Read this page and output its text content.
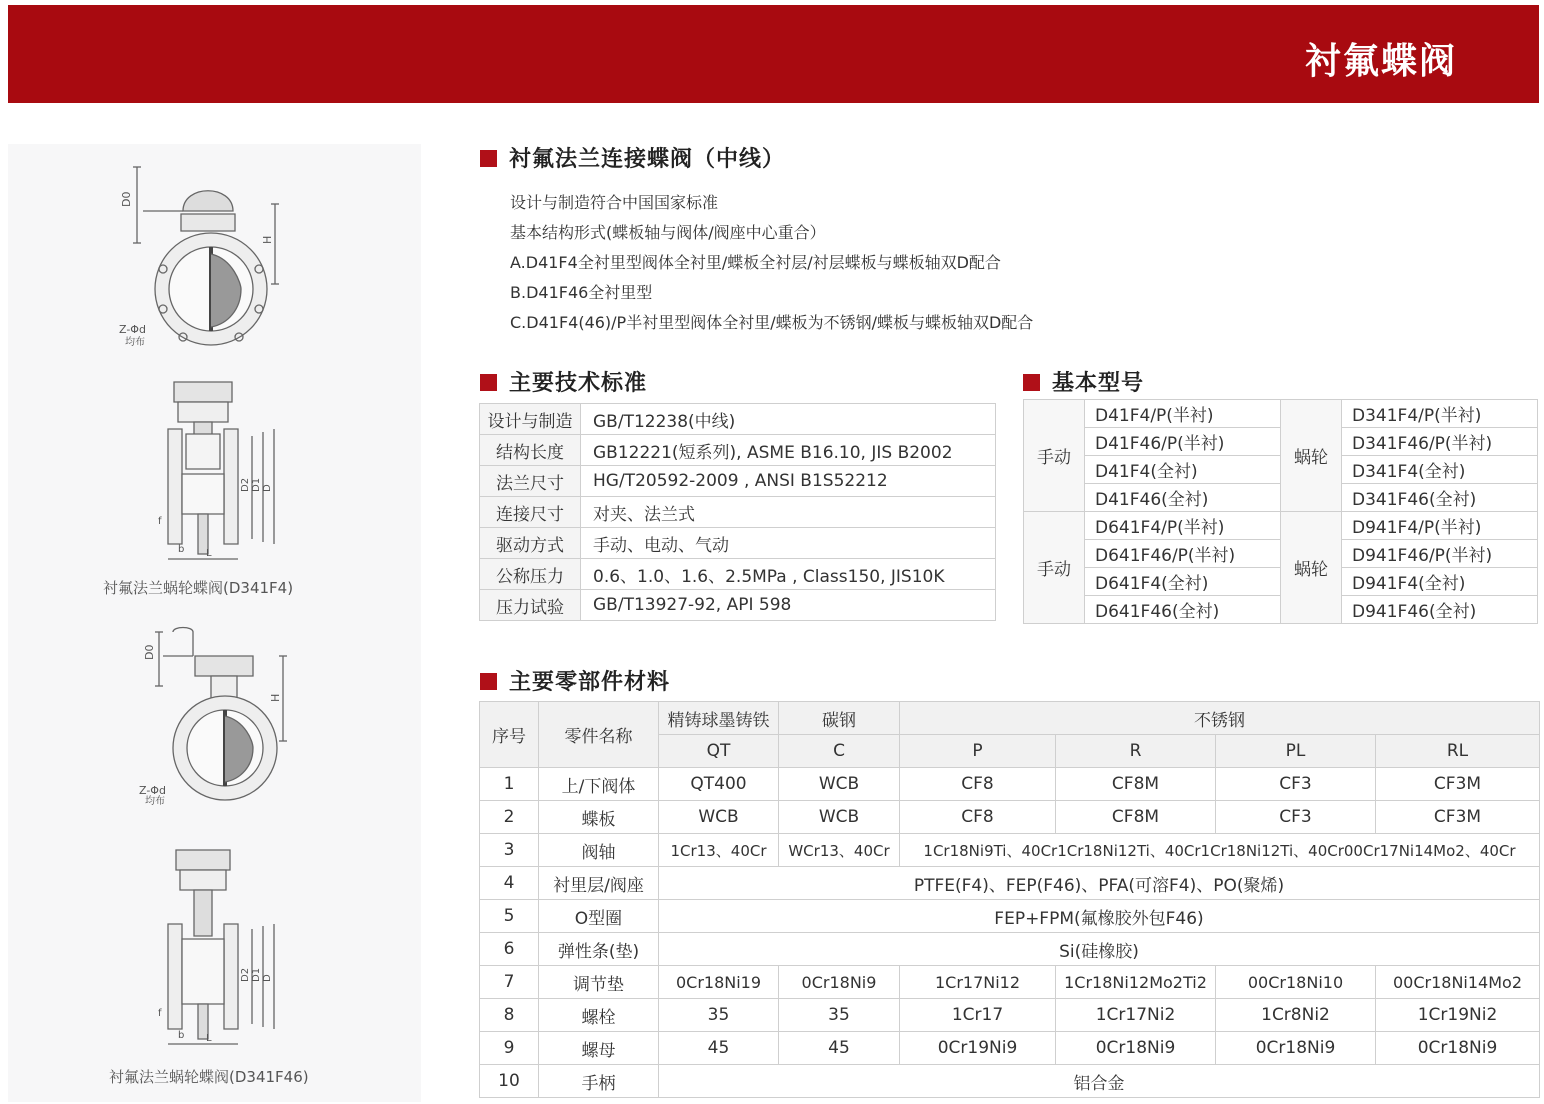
衬氟蝶阀
D0
H
Z-Φd
均布
D2 D1 D
f
b L
衬氟法兰蜗轮蝶阀(D341F4)
D0
H
Z-Φd
均布
D2 D1 D
f
b L
衬氟法兰蜗轮蝶阀(D341F46)
衬氟法兰连接蝶阀（中线）
设计与制造符合中国国家标准
基本结构形式(蝶板轴与阀体/阀座中心重合）
A.D41F4全衬里型阀体全衬里/蝶板全衬层/衬层蝶板与蝶板轴双D配合
B.D41F46全衬里型
C.D41F4(46)/P半衬里型阀体全衬里/蝶板为不锈钢/蝶板与蝶板轴双D配合
主要技术标准
设计与制造	GB/T12238(中线)
结构长度	GB12221(短系列), ASME B16.10, JIS B2002
法兰尺寸	HG/T20592-2009 , ANSI B1S52212
连接尺寸	对夹、法兰式
驱动方式	手动、电动、气动
公称压力	0.6、1.0、1.6、2.5MPa , Class150, JIS10K
压力试验	GB/T13927-92, API 598
基本型号
手动	D41F4/P(半衬)	蜗轮	D341F4/P(半衬)
	D41F46/P(半衬)		D341F46/P(半衬)
	D41F4(全衬)		D341F4(全衬)
	D41F46(全衬)		D341F46(全衬)
手动	D641F4/P(半衬)	蜗轮	D941F4/P(半衬)
	D641F46/P(半衬)		D941F46/P(半衬)
	D641F4(全衬)		D941F4(全衬)
	D641F46(全衬)		D941F46(全衬)
主要零部件材料
序号	零件名称	精铸球墨铸铁	碳钢	不锈钢			
		QT	C	P	R	PL	RL
1	上/下阀体	QT400	WCB	CF8	CF8M	CF3	CF3M
2	蝶板	WCB	WCB	CF8	CF8M	CF3	CF3M
3	阀轴	1Cr13、40Cr	WCr13、40Cr	1Cr18Ni9Ti、40Cr1Cr18Ni12Ti、40Cr1Cr18Ni12Ti、40Cr00Cr17Ni14Mo2、40Cr			
4	衬里层/阀座	PTFE(F4)、FEP(F46)、PFA(可溶F4)、PO(聚烯)					
5	O型圈	FEP+FPM(氟橡胶外包F46)					
6	弹性条(垫)	Si(硅橡胶)					
7	调节垫	0Cr18Ni19	0Cr18Ni9	1Cr17Ni12	1Cr18Ni12Mo2Ti2	00Cr18Ni10	00Cr18Ni14Mo2
8	螺栓	35	35	1Cr17	1Cr17Ni2	1Cr8Ni2	1Cr19Ni2
9	螺母	45	45	0Cr19Ni9	0Cr18Ni9	0Cr18Ni9	0Cr18Ni9
10	手柄	铝合金					
